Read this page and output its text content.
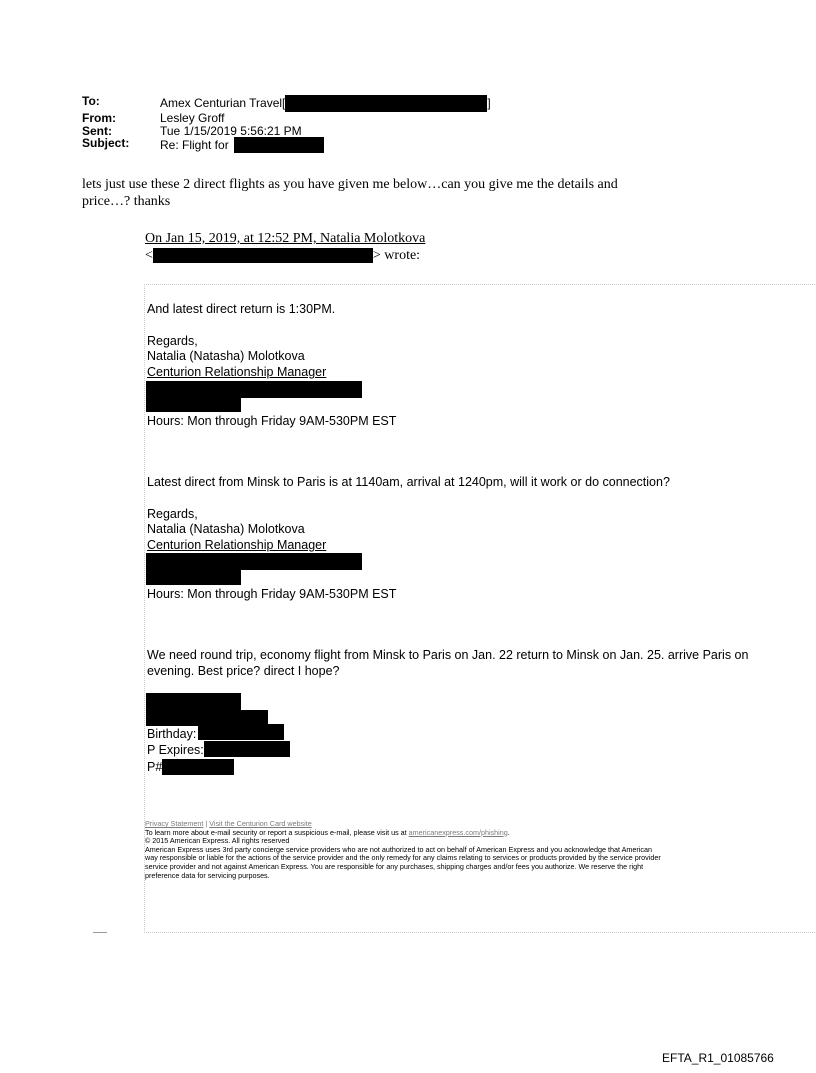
To:	Amex Centurian Travel[	]
From:	Lesley Groff
Sent:	Tue 1/15/2019 5:56:21 PM
Subject:	Re: Flight for
lets just use these 2 direct flights as you have given me below…can you give me the details and
price…? thanks
On Jan 15, 2019, at 12:52 PM, Natalia Molotkova
<	> wrote:
And latest direct return is 1:30PM.
Regards,
Natalia (Natasha) Molotkova
Centurion Relationship Manager
Hours: Mon through Friday 9AM-530PM EST
Latest direct from Minsk to Paris is at 1140am, arrival at 1240pm, will it work or do connection?
Regards,
Natalia (Natasha) Molotkova
Centurion Relationship Manager
Hours: Mon through Friday 9AM-530PM EST
We need round trip, economy flight from Minsk to Paris on Jan. 22 return to Minsk on Jan. 25. arrive Paris on
evening. Best price? direct I hope?
Birthday:
P Expires:
P#
Privacy Statement | Visit the Centurion Card website
To learn more about e-mail security or report a suspicious e-mail, please visit us at americanexpress.com/phishing.
© 2015 American Express. All rights reserved
American Express uses 3rd party concierge service providers who are not authorized to act on behalf of American Express and you acknowledge that American
way responsible or liable for the actions of the service provider and the only remedy for any claims relating to services or products provided by the service provider
service provider and not against American Express. You are responsible for any purchases, shipping charges and/or fees you authorize. We reserve the right
preference data for servicing purposes.
EFTA_R1_01085766
